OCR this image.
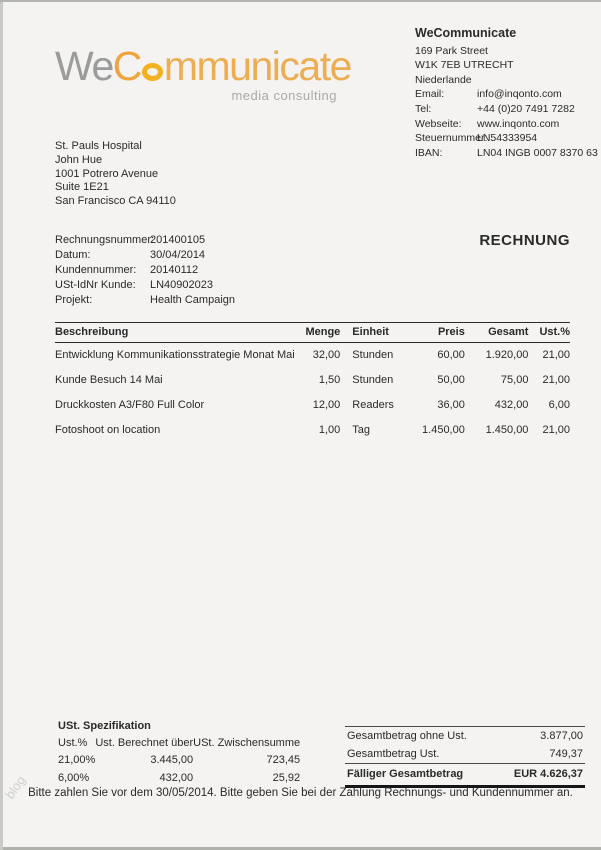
WeC mmunicate
media consulting
WeCommunicate
169 Park Street
W1K 7EB UTRECHT
Niederlande
Email:	info@inqonto.com
Tel:	+44 (0)20 7491 7282
Webseite:	www.inqonto.com
Steuernummer:
LN54333954
IBAN:	LN04 INGB 0007 8370 63
St. Pauls Hospital
John Hue
1001 Potrero Avenue
Suite 1E21
San Francisco CA 94110
Rechnungsnummer:
201400105
Datum:	30/04/2014
Kundennummer:	20140112
USt-IdNr Kunde:	LN40902023
Projekt:	Health Campaign
RECHNUNG
Beschreibung	Menge	Einheit	Preis	Gesamt	Ust.%
Entwicklung Kommunikationsstrategie Monat Mai	32,00	Stunden	60,00	1.920,00	21,00
Kunde Besuch 14 Mai	1,50	Stunden	50,00	75,00	21,00
Druckkosten A3/F80 Full Color	12,00	Readers	36,00	432,00	6,00
Fotoshoot on location	1,00	Tag	1.450,00	1.450,00	21,00
USt. Spezifikation
Ust.%	Ust. Berechnet über	USt. Zwischensumme
21,00%	3.445,00	723,45
6,00%	432,00	25,92
Gesamtbetrag ohne Ust.	3.877,00
Gesamtbetrag Ust.	749,37
Fälliger Gesamtbetrag	EUR 4.626,37
Bitte zahlen Sie vor dem 30/05/2014. Bitte geben Sie bei der Zahlung Rechnungs- und Kundennummer an.
blog
